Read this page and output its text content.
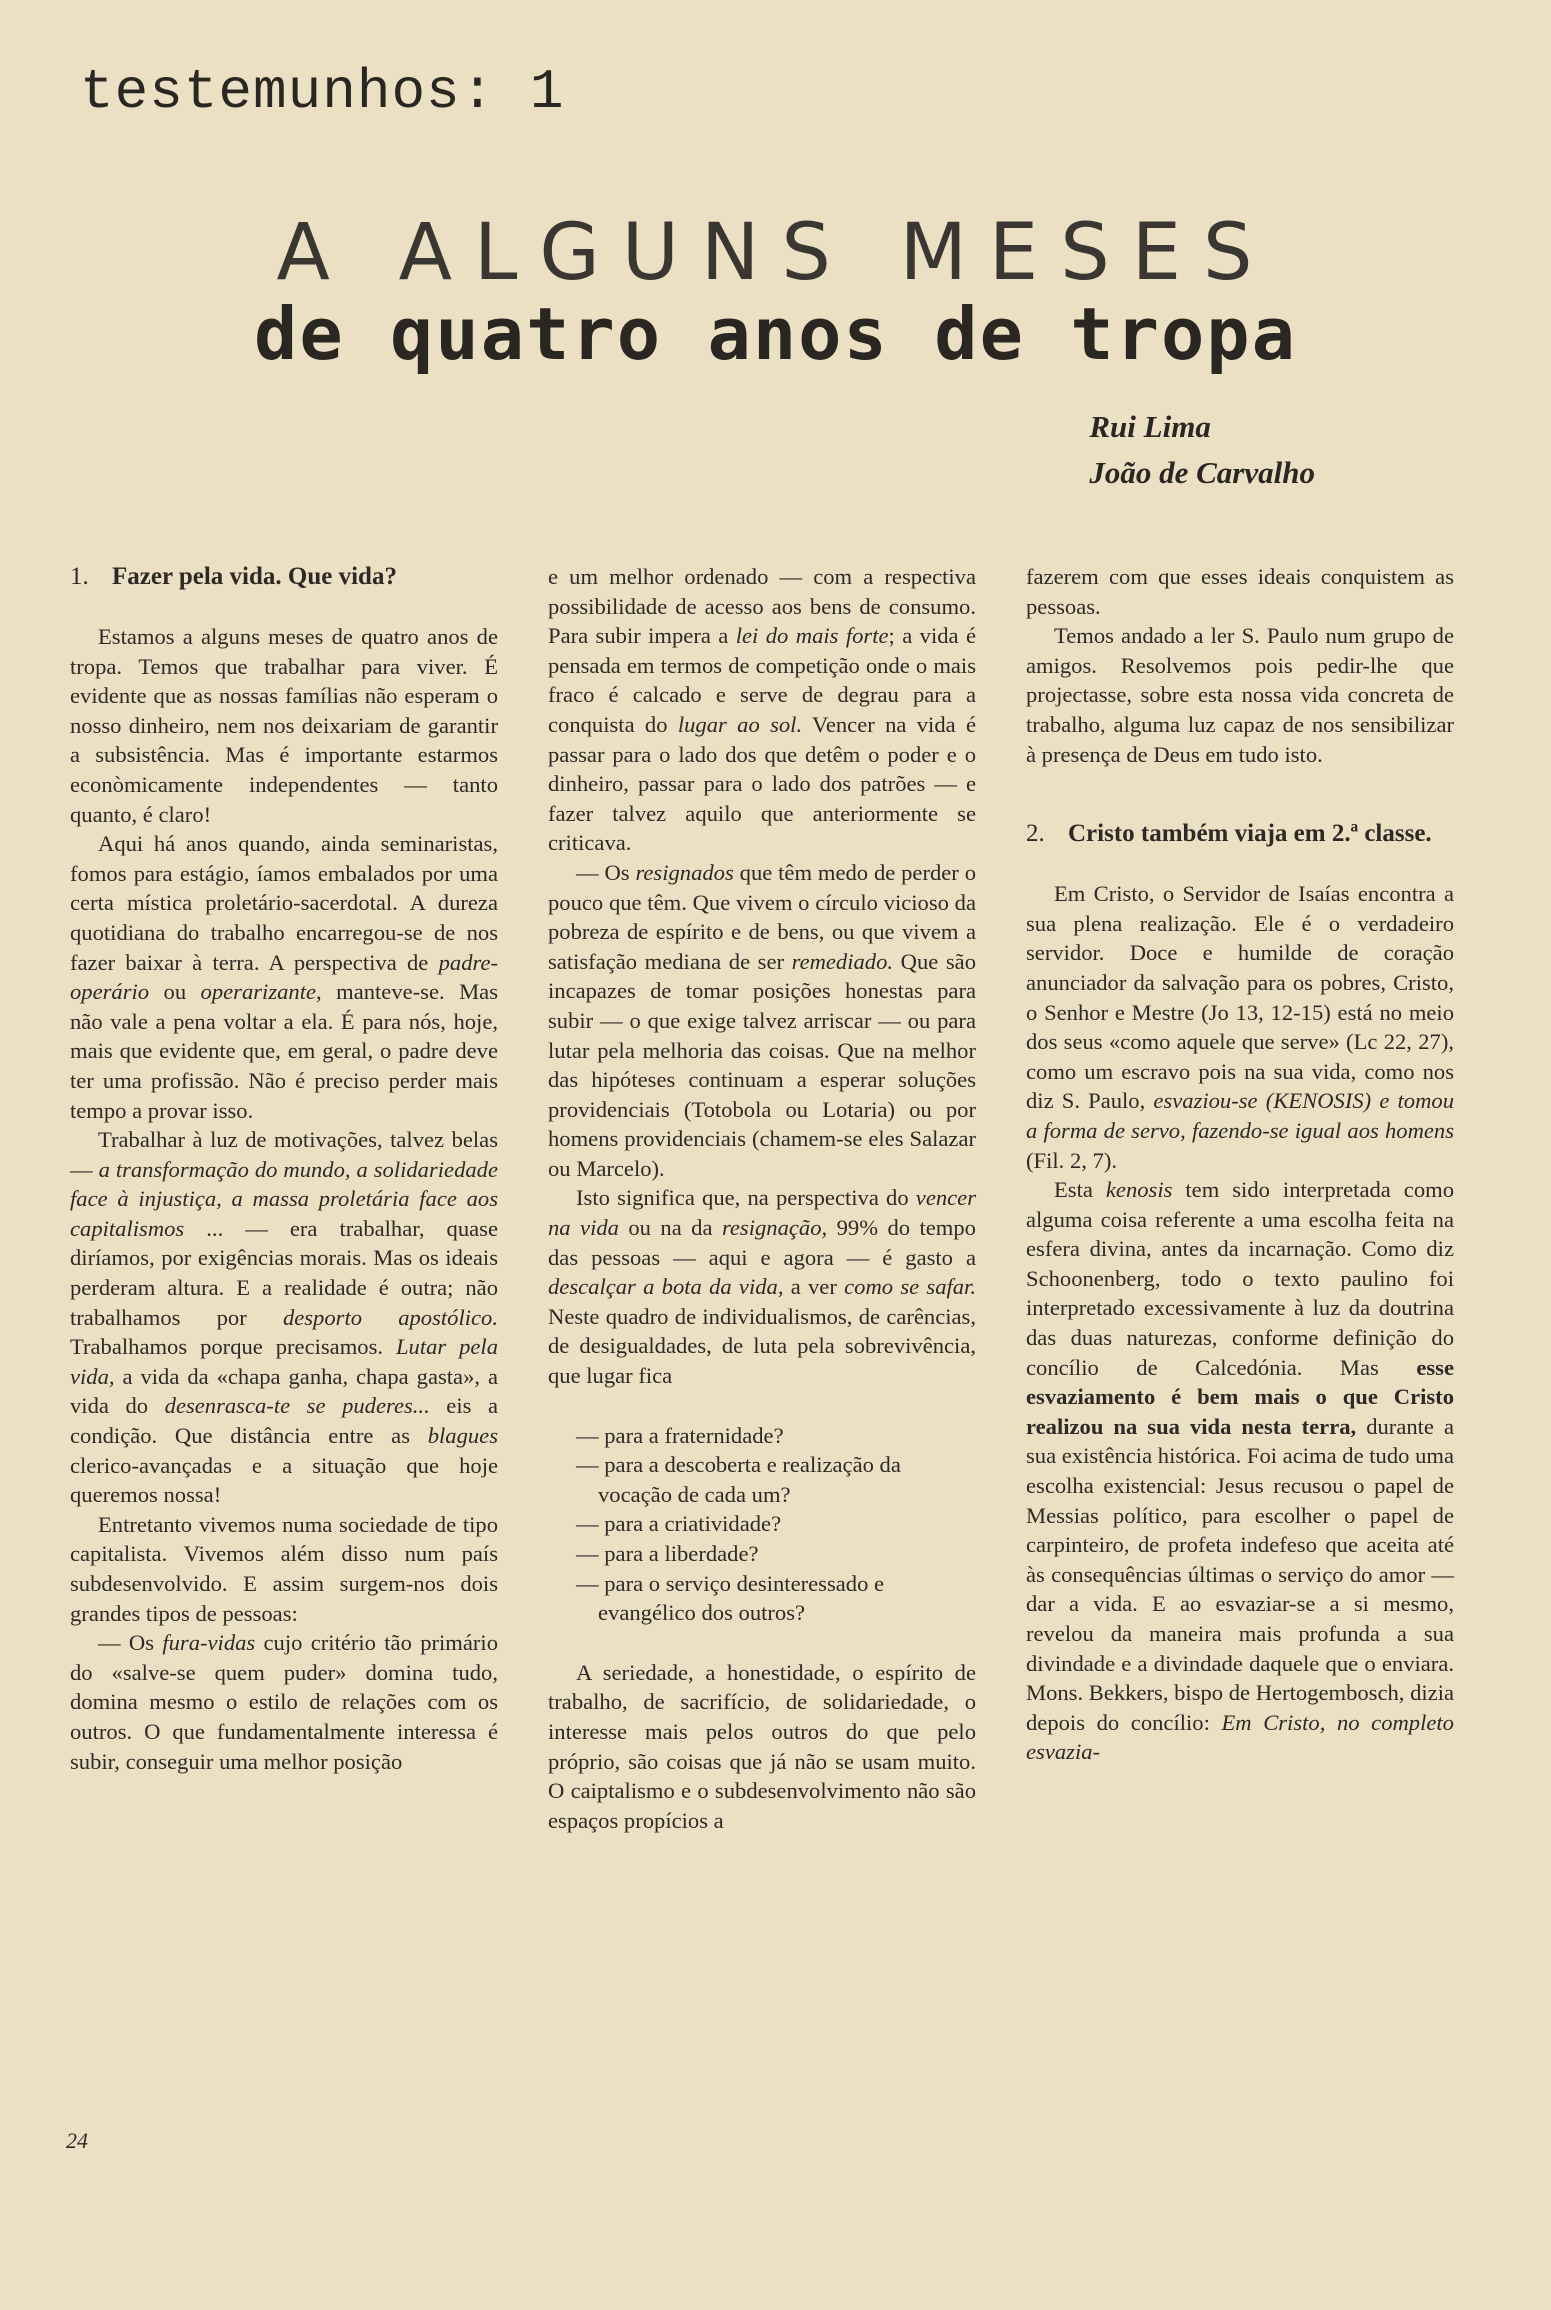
testemunhos: 1

A ALGUNS MESES
de quatro anos de tropa
Rui Lima
João de Carvalho
1. Fazer pela vida. Que vida?

Estamos a alguns meses de quatro anos de tropa. Temos que trabalhar para viver. É evidente que as nossas famílias não esperam o nosso dinheiro, nem nos deixariam de garantir a subsistência. Mas é importante estarmos econòmicamente independentes — tanto quanto, é claro!

Aqui há anos quando, ainda seminaristas, fomos para estágio, íamos embalados por uma certa mística proletário-sacerdotal. A dureza quotidiana do trabalho encarregou-se de nos fazer baixar à terra. A perspectiva de padre-operário ou operarizante, manteve-se. Mas não vale a pena voltar a ela. É para nós, hoje, mais que evidente que, em geral, o padre deve ter uma profissão. Não é preciso perder mais tempo a provar isso.

Trabalhar à luz de motivações, talvez belas — a transformação do mundo, a solidariedade face à injustiça, a massa proletária face aos capitalismos ... — era trabalhar, quase diríamos, por exigências morais. Mas os ideais perderam altura. E a realidade é outra; não trabalhamos por desporto apostólico. Trabalhamos porque precisamos. Lutar pela vida, a vida da «chapa ganha, chapa gasta», a vida do desenrasca-te se puderes... eis a condição. Que distância entre as blagues clerico-avançadas e a situação que hoje queremos nossa!

Entretanto vivemos numa sociedade de tipo capitalista. Vivemos além disso num país subdesenvolvido. E assim surgem-nos dois grandes tipos de pessoas:

— Os fura-vidas cujo critério tão primário do «salve-se quem puder» domina tudo, domina mesmo o estilo de relações com os outros. O que fundamentalmente interessa é subir, conseguir uma melhor posição

e um melhor ordenado — com a respectiva possibilidade de acesso aos bens de consumo. Para subir impera a lei do mais forte; a vida é pensada em termos de competição onde o mais fraco é calcado e serve de degrau para a conquista do lugar ao sol. Vencer na vida é passar para o lado dos que detêm o poder e o dinheiro, passar para o lado dos patrões — e fazer talvez aquilo que anteriormente se criticava.

— Os resignados que têm medo de perder o pouco que têm. Que vivem o círculo vicioso da pobreza de espírito e de bens, ou que vivem a satisfação mediana de ser remediado. Que são incapazes de tomar posições honestas para subir — o que exige talvez arriscar — ou para lutar pela melhoria das coisas. Que na melhor das hipóteses continuam a esperar soluções providenciais (Totobola ou Lotaria) ou por homens providenciais (chamem-se eles Salazar ou Marcelo).

Isto significa que, na perspectiva do vencer na vida ou na da resignação, 99% do tempo das pessoas — aqui e agora — é gasto a descalçar a bota da vida, a ver como se safar. Neste quadro de individualismos, de carências, de desigualdades, de luta pela sobrevivência, que lugar fica

— para a fraternidade?
— para a descoberta e realização da vocação de cada um?
— para a criatividade?
— para a liberdade?
— para o serviço desinteressado e evangélico dos outros?

A seriedade, a honestidade, o espírito de trabalho, de sacrifício, de solidariedade, o interesse mais pelos outros do que pelo próprio, são coisas que já não se usam muito. O caiptalismo e o subdesenvolvimento não são espaços propícios a

fazerem com que esses ideais conquistem as pessoas.

Temos andado a ler S. Paulo num grupo de amigos. Resolvemos pois pedir-lhe que projectasse, sobre esta nossa vida concreta de trabalho, alguma luz capaz de nos sensibilizar à presença de Deus em tudo isto.

2. Cristo também viaja em 2.ª classe.

Em Cristo, o Servidor de Isaías encontra a sua plena realização. Ele é o verdadeiro servidor. Doce e humilde de coração anunciador da salvação para os pobres, Cristo, o Senhor e Mestre (Jo 13, 12-15) está no meio dos seus «como aquele que serve» (Lc 22, 27), como um escravo pois na sua vida, como nos diz S. Paulo, esvaziou-se (KENOSIS) e tomou a forma de servo, fazendo-se igual aos homens (Fil. 2, 7).

Esta kenosis tem sido interpretada como alguma coisa referente a uma escolha feita na esfera divina, antes da incarnação. Como diz Schoonenberg, todo o texto paulino foi interpretado excessivamente à luz da doutrina das duas naturezas, conforme definição do concílio de Calcedónia. Mas esse esvaziamento é bem mais o que Cristo realizou na sua vida nesta terra, durante a sua existência histórica. Foi acima de tudo uma escolha existencial: Jesus recusou o papel de Messias político, para escolher o papel de carpinteiro, de profeta indefeso que aceita até às consequências últimas o serviço do amor — dar a vida. E ao esvaziar-se a si mesmo, revelou da maneira mais profunda a sua divindade e a divindade daquele que o enviara. Mons. Bekkers, bispo de Hertogembosch, dizia depois do concílio: Em Cristo, no completo esvazia-

24
